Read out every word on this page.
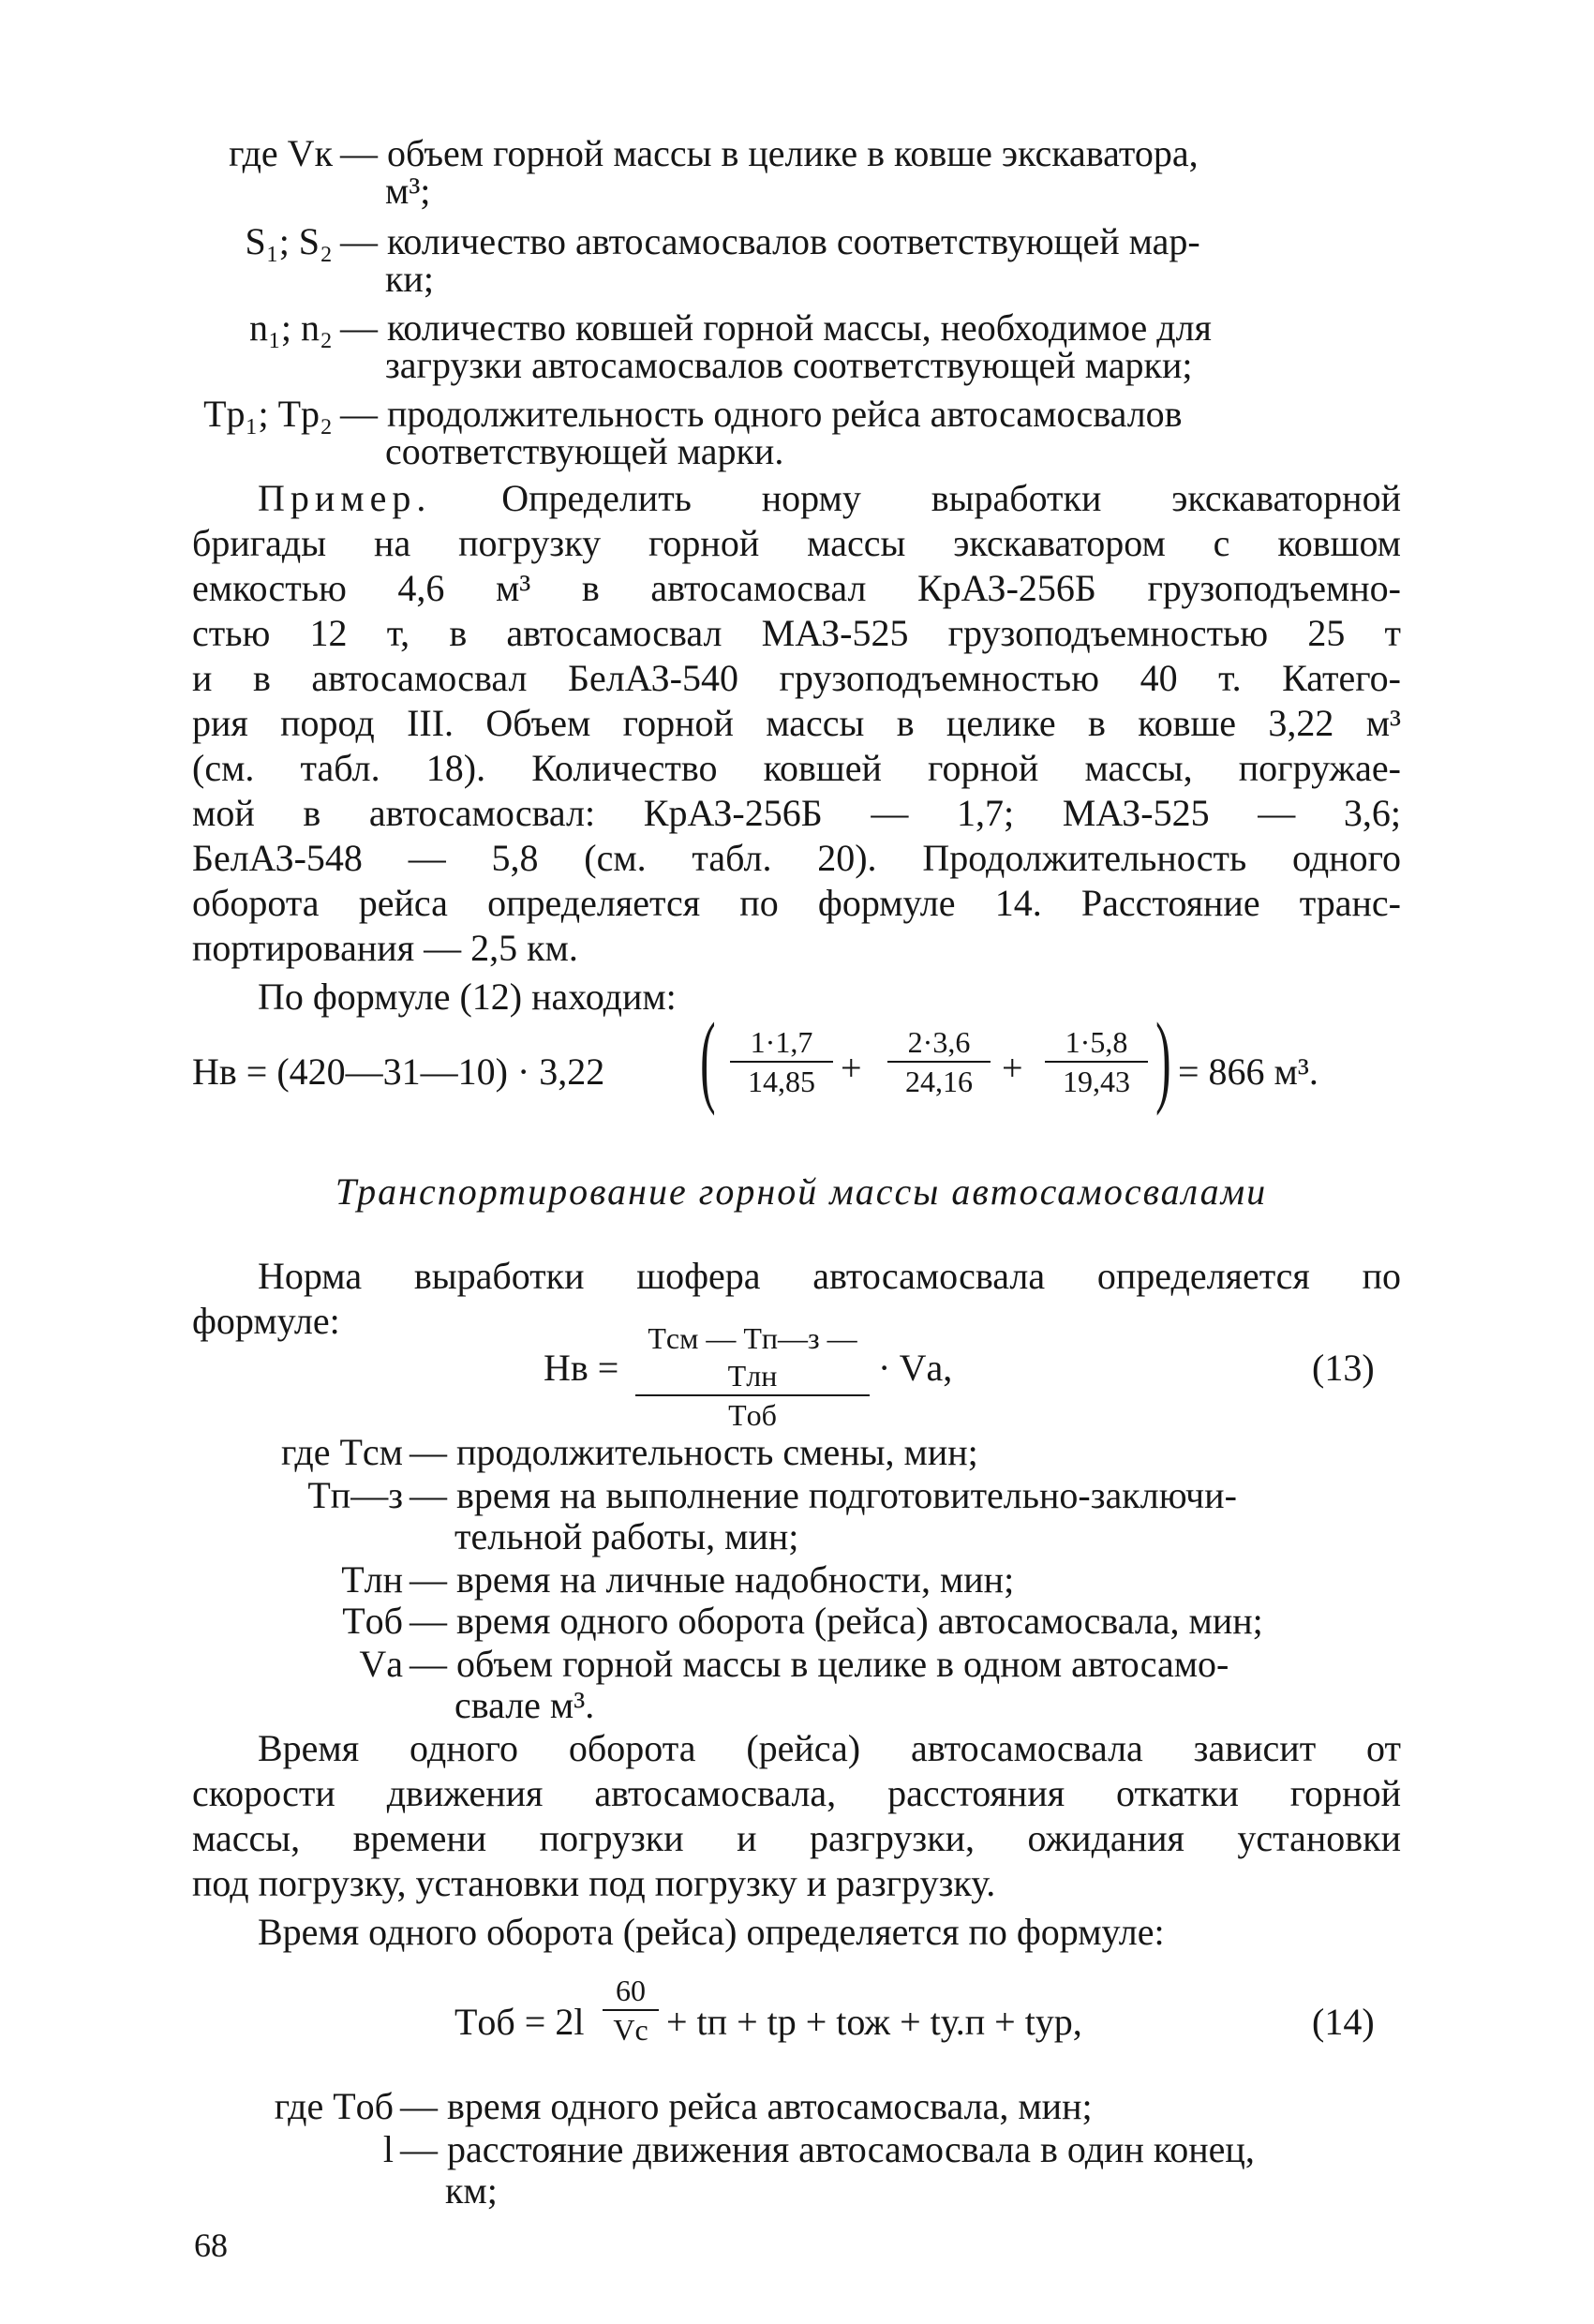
где Vк — объем горной массы в целике в ковше экскаватора,
м³;
S₁; S₂ — количество автосамосвалов соответствующей мар-
ки;
n₁; n₂ — количество ковшей горной массы, необходимое для
загрузки автосамосвалов соответствующей марки;
Tр₁; Tр₂ — продолжительность одного рейса автосамосвалов
соответствующей марки.
Пример. Определить норму выработки экскаваторной
бригады на погрузку горной массы экскаватором с ковшом
емкостью 4,6 м³ в автосамосвал КрАЗ-256Б грузоподъемно-
стью 12 т, в автосамосвал МАЗ-525 грузоподъемностью 25 т
и в автосамосвал БелАЗ-540 грузоподъемностью 40 т. Катего-
рия пород III. Объем горной массы в целике в ковше 3,22 м³
(см. табл. 18). Количество ковшей горной массы, погружае-
мой в автосамосвал: КрАЗ-256Б — 1,7; МАЗ-525 — 3,6;
БелАЗ-548 — 5,8 (см. табл. 20). Продолжительность одного
оборота рейса определяется по формуле 14. Расстояние транс-
портирования — 2,5 км.
По формуле (12) находим:
Hв = (420—31—10) · 3,22 ( $\frac{1\cdot 1,7}{14,85} + \frac{2\cdot 3,6}{24,16} + \frac{1\cdot 5,8}{19,43}$ ) = 866 м³.
Транспортирование горной массы автосамосвалами
Норма выработки шофера автосамосвала определяется по
формуле:
Hв =
Tсм — Tп—з — Tлн
Tоб
· Vа,	(13)
где Tсм — продолжительность смены, мин;
Tп—з — время на выполнение подготовительно-заключи-
тельной работы, мин;
Tлн — время на личные надобности, мин;
Tоб — время одного оборота (рейса) автосамосвала, мин;
Vа — объем горной массы в целике в одном автосамо-
свале м³.
Время одного оборота (рейса) автосамосвала зависит от
скорости движения автосамосвала, расстояния откатки горной
массы, времени погрузки и разгрузки, ожидания установки
под погрузку, установки под погрузку и разгрузку.
Время одного оборота (рейса) определяется по формуле:
Tоб = 2l
60
Vс + tп + tр + tож + tу.п + tур,	(14)
где Tоб — время одного рейса автосамосвала, мин;
l — расстояние движения автосамосвала в один конец,
км;
68
